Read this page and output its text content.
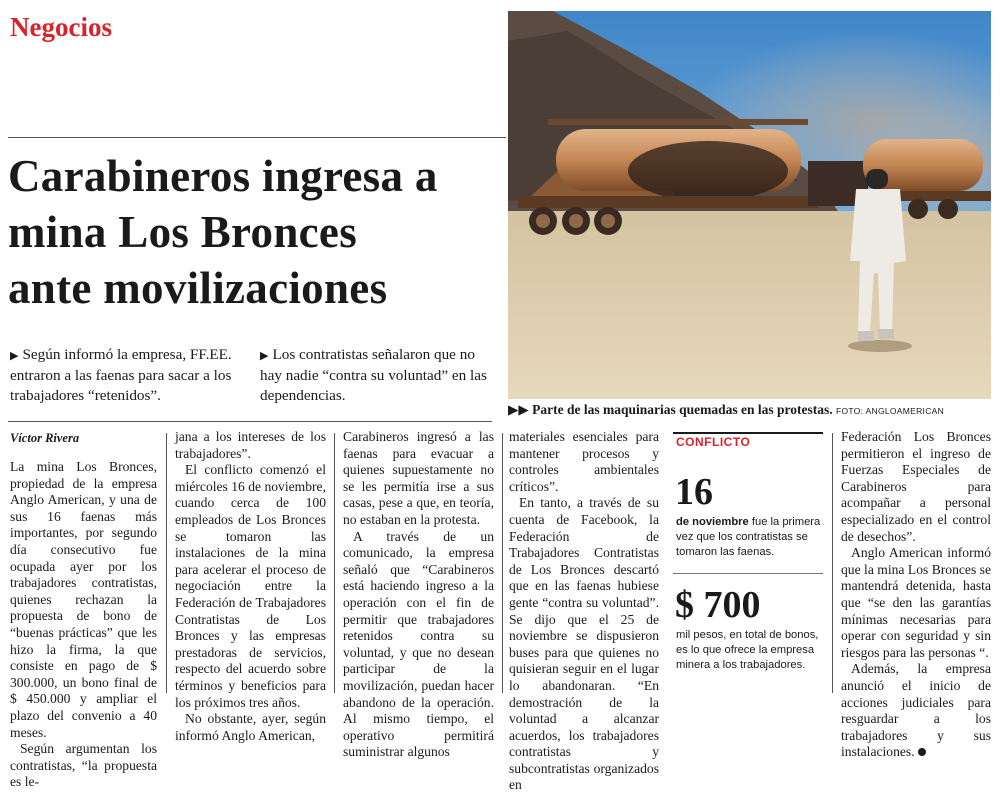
Negocios
Carabineros ingresa a
mina Los Bronces
ante movilizaciones
▶ Según informó la empresa, FF.EE. entraron a las faenas para sacar a los trabajadores “retenidos”.
▶ Los contratistas señalaron que no hay nadie “contra su voluntad” en las dependencias.
▶▶ Parte de las maquinarias quemadas en las protestas. FOTO: ANGLOAMERICAN
Víctor Rivera

La mina Los Bronces, propiedad de la empresa Anglo American, y una de sus 16 faenas más importantes, por segundo día consecutivo fue ocupada ayer por los trabajadores contratistas, quienes rechazan la propuesta de bono de “buenas prácticas” que les hizo la firma, la que consiste en pago de $ 300.000, un bono final de $ 450.000 y ampliar el plazo del convenio a 40 meses.

Según argumentan los contratistas, “la propuesta es le-

jana a los intereses de los trabajadores”.

El conflicto comenzó el miércoles 16 de noviembre, cuando cerca de 100 empleados de Los Bronces se tomaron las instalaciones de la mina para acelerar el proceso de negociación entre la Federación de Trabajadores Contratistas de Los Bronces y las empresas prestadoras de servicios, respecto del acuerdo sobre términos y beneficios para los próximos tres años.

No obstante, ayer, según informó Anglo American,

Carabineros ingresó a las faenas para evacuar a quienes supuestamente no se les permitía irse a sus casas, pese a que, en teoría, no estaban en la protesta.

A través de un comunicado, la empresa señaló que “Carabineros está haciendo ingreso a la operación con el fin de permitir que trabajadores retenidos contra su voluntad, y que no desean participar de la movilización, puedan hacer abandono de la operación. Al mismo tiempo, el operativo permitirá suministrar algunos

materiales esenciales para mantener procesos y controles ambientales críticos”.

En tanto, a través de su cuenta de Facebook, la Federación de Trabajadores Contratistas de Los Bronces descartó que en las faenas hubiese gente “contra su voluntad”. Se dijo que el 25 de noviembre se dispusieron buses para que quienes no quisieran seguir en el lugar lo abandonaran. “En demostración de la voluntad a alcanzar acuerdos, los trabajadores contratistas y subcontratistas organizados en

CONFLICTO
16
de noviembre fue la primera vez que los contratistas se tomaron las faenas.
$ 700
mil pesos, en total de bonos, es lo que ofrece la empresa minera a los trabajadores.

Federación Los Bronces permitieron el ingreso de Fuerzas Especiales de Carabineros para acompañar a personal especializado en el control de desechos”.

Anglo American informó que la mina Los Bronces se mantendrá detenida, hasta que “se den las garantías mínimas necesarias para operar con seguridad y sin riesgos para las personas “.

Además, la empresa anunció el inicio de acciones judiciales para resguardar a los trabajadores y sus instalaciones.
